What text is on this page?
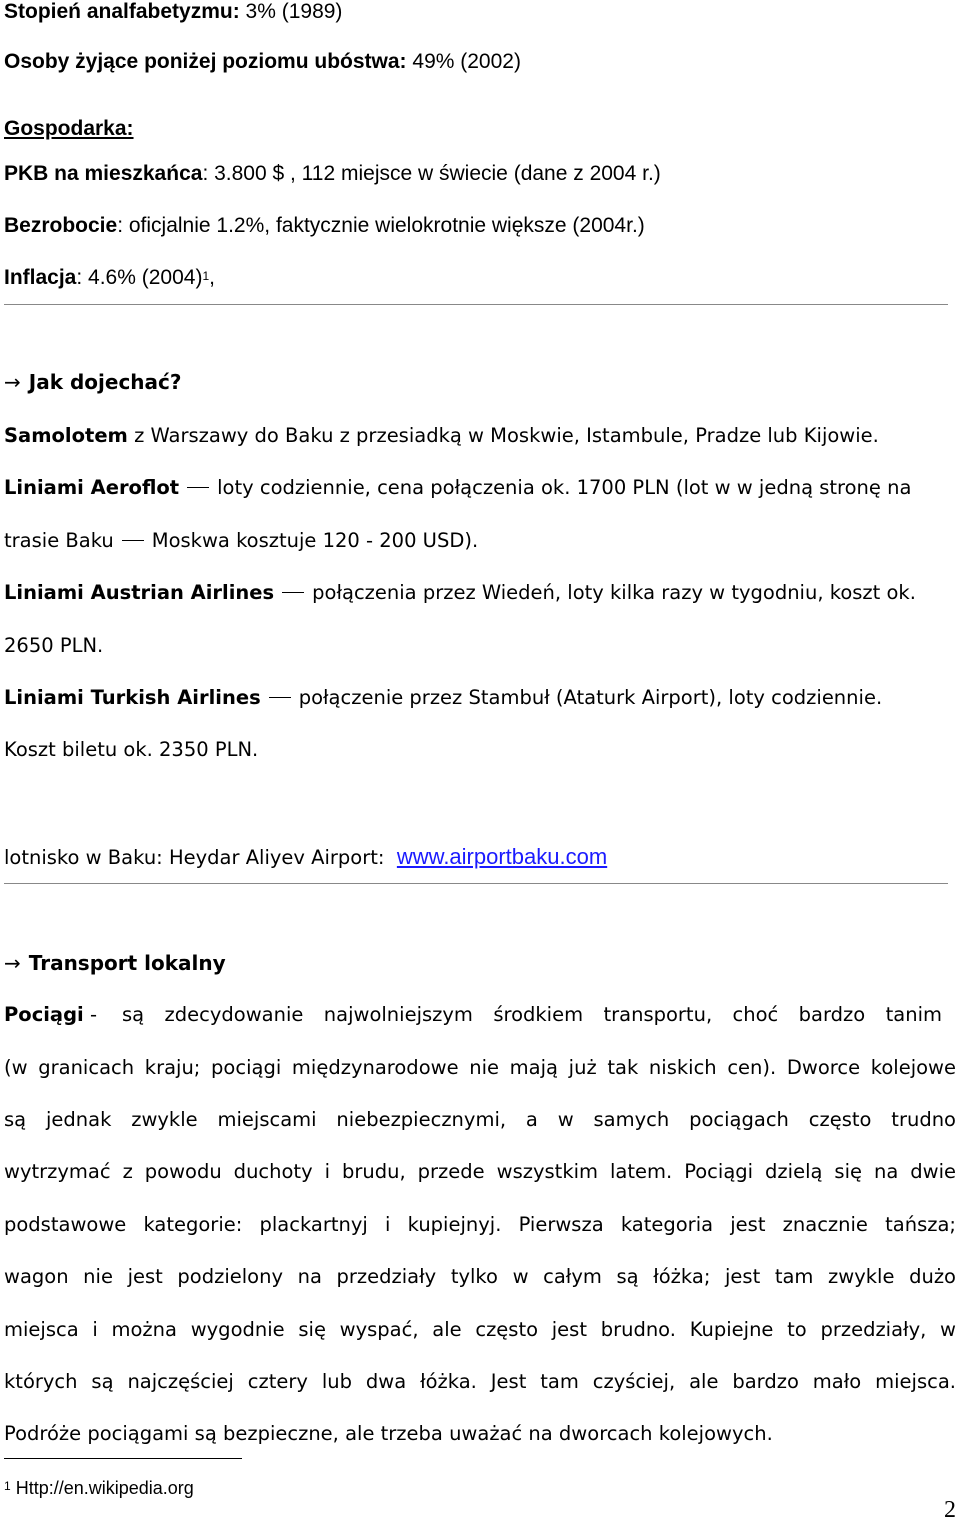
Stopień analfabetyzmu: 3% (1989)
Osoby żyjące poniżej poziomu ubóstwa: 49% (2002)
Gospodarka:
PKB na mieszkańca: 3.800 $ , 112 miejsce w świecie (dane z 2004 r.)
Bezrobocie: oficjalnie 1.2%, faktycznie wielokrotnie większe (2004r.)
Inflacja: 4.6% $(2004)^1$,
→ Jak dojechać?
Samolotem z Warszawy do Baku z przesiadką w Moskwie, Istambule, Pradze lub Kijowie.
Liniami Aeroflot loty codziennie, cena połączenia ok. 1700 PLN (lot w w jedną stronę na
trasie Baku Moskwa kosztuje 120 - 200 USD).
Liniami Austrian Airlines połączenia przez Wiedeń, loty kilka razy w tygodniu, koszt ok.
2650 PLN.
Liniami Turkish Airlines połączenie przez Stambuł (Ataturk Airport), loty codziennie.
Koszt biletu ok. 2350 PLN.
lotnisko w Baku: Heydar Aliyev Airport: www.airportbaku.com
→ Transport lokalny
Pociągi - są zdecydowanie najwolniejszym środkiem transportu, choć bardzo tanim
(w granicach kraju; pociągi międzynarodowe nie mają już tak niskich cen). Dworce kolejowe
są jednak zwykle miejscami niebezpiecznymi, a w samych pociągach często trudno
wytrzymać z powodu duchoty i brudu, przede wszystkim latem. Pociągi dzielą się na dwie
podstawowe kategorie: plackartnyj i kupiejnyj. Pierwsza kategoria jest znacznie tańsza;
wagon nie jest podzielony na przedziały tylko w całym są łóżka; jest tam zwykle dużo
miejsca i można wygodnie się wyspać, ale często jest brudno. Kupiejne to przedziały, w
których są najczęściej cztery lub dwa łóżka. Jest tam czyściej, ale bardzo mało miejsca.
Podróże pociągami są bezpieczne, ale trzeba uważać na dworcach kolejowych.
$^1$ Http://en.wikipedia.org
2
